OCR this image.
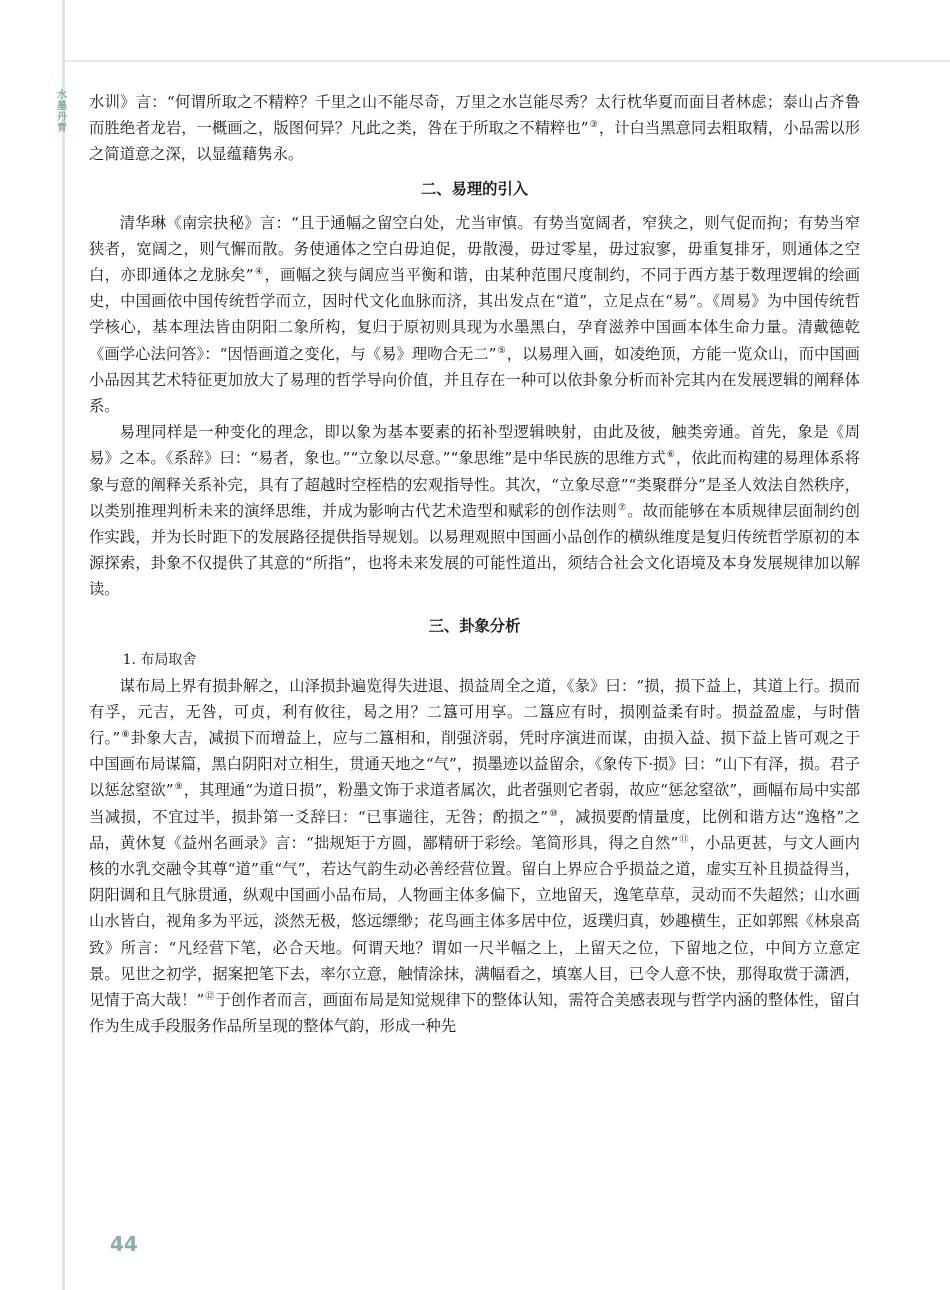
水墨丹青

水训》言：“何谓所取之不精粹？千里之山不能尽奇，万里之水岂能尽秀？太行枕华夏而面目者林虑；泰山占齐鲁而胜绝者龙岩，一概画之，版图何异？凡此之类，咎在于所取之不精粹也”③，计白当黑意同去粗取精，小品需以形之简道意之深，以显蕴藉隽永。

二、易理的引入

清华琳《南宗抉秘》言：“且于通幅之留空白处，尤当审慎。有势当宽阔者，窄狭之，则气促而拘；有势当窄狭者，宽阔之，则气懈而散。务使通体之空白毋迫促，毋散漫，毋过零星，毋过寂寥，毋重复排牙，则通体之空白，亦即通体之龙脉矣”④，画幅之狭与阔应当平衡和谐，由某种范围尺度制约，不同于西方基于数理逻辑的绘画史，中国画依中国传统哲学而立，因时代文化血脉而济，其出发点在“道”，立足点在“易”。《周易》为中国传统哲学核心，基本理法皆由阴阳二象所构，复归于原初则具现为水墨黑白，孕育滋养中国画本体生命力量。清戴德乾《画学心法问答》：“因悟画道之变化，与《易》理吻合无二”⑤，以易理入画，如凌绝顶，方能一览众山，而中国画小品因其艺术特征更加放大了易理的哲学导向价值，并且存在一种可以依卦象分析而补完其内在发展逻辑的阐释体系。

易理同样是一种变化的理念，即以象为基本要素的拓补型逻辑映射，由此及彼，触类旁通。首先，象是《周易》之本。《系辞》曰：“易者，象也。”“立象以尽意。”“象思维”是中华民族的思维方式⑥，依此而构建的易理体系将象与意的阐释关系补完，具有了超越时空桎梏的宏观指导性。其次，“立象尽意”“类聚群分”是圣人效法自然秩序，以类别推理判析未来的演绎思维，并成为影响古代艺术造型和赋彩的创作法则⑦。故而能够在本质规律层面制约创作实践，并为长时距下的发展路径提供指导规划。以易理观照中国画小品创作的横纵维度是复归传统哲学原初的本源探索，卦象不仅提供了其意的“所指”，也将未来发展的可能性道出，须结合社会文化语境及本身发展规律加以解读。

三、卦象分析
1. 布局取舍

谋布局上界有损卦解之，山泽损卦遍览得失进退、损益周全之道，《彖》曰：“损，损下益上，其道上行。损而有孚，元吉，无咎，可贞，利有攸往，曷之用？二簋可用享。二簋应有时，损刚益柔有时。损益盈虚，与时偕行。”⑧卦象大吉，减损下而增益上，应与二簋相和，削强济弱，凭时序演进而谋，由损入益、损下益上皆可观之于中国画布局谋篇，黑白阴阳对立相生，贯通天地之“气”，损墨迹以益留余，《象传下·损》曰：“山下有泽，损。君子以惩忿窒欲”⑨，其理通“为道日损”，粉墨文饰于求道者属次，此者强则它者弱，故应“惩忿窒欲”，画幅布局中实部当减损，不宜过半，损卦第一爻辞曰：“已事遄往，无咎；酌损之”⑩，减损要酌情量度，比例和谐方达“逸格”之品，黄休复《益州名画录》言：“拙规矩于方圆，鄙精研于彩绘。笔简形具，得之自然”⑪，小品更甚，与文人画内核的水乳交融令其尊“道”重“气”，若达气韵生动必善经营位置。留白上界应合乎损益之道，虚实互补且损益得当，阴阳调和且气脉贯通，纵观中国画小品布局，人物画主体多偏下，立地留天，逸笔草草，灵动而不失超然；山水画山水皆白，视角多为平远，淡然无极，悠远缥缈；花鸟画主体多居中位，返璞归真，妙趣横生，正如郭熙《林泉高致》所言：“凡经营下笔，必合天地。何谓天地？谓如一尺半幅之上，上留天之位，下留地之位，中间方立意定景。见世之初学，据案把笔下去，率尔立意，触情涂抹，满幅看之，填塞人目，已令人意不快，那得取赏于潇洒，见情于高大哉！”⑫于创作者而言，画面布局是知觉规律下的整体认知，需符合美感表现与哲学内涵的整体性，留白作为生成手段服务作品所呈现的整体气韵，形成一种先

44
